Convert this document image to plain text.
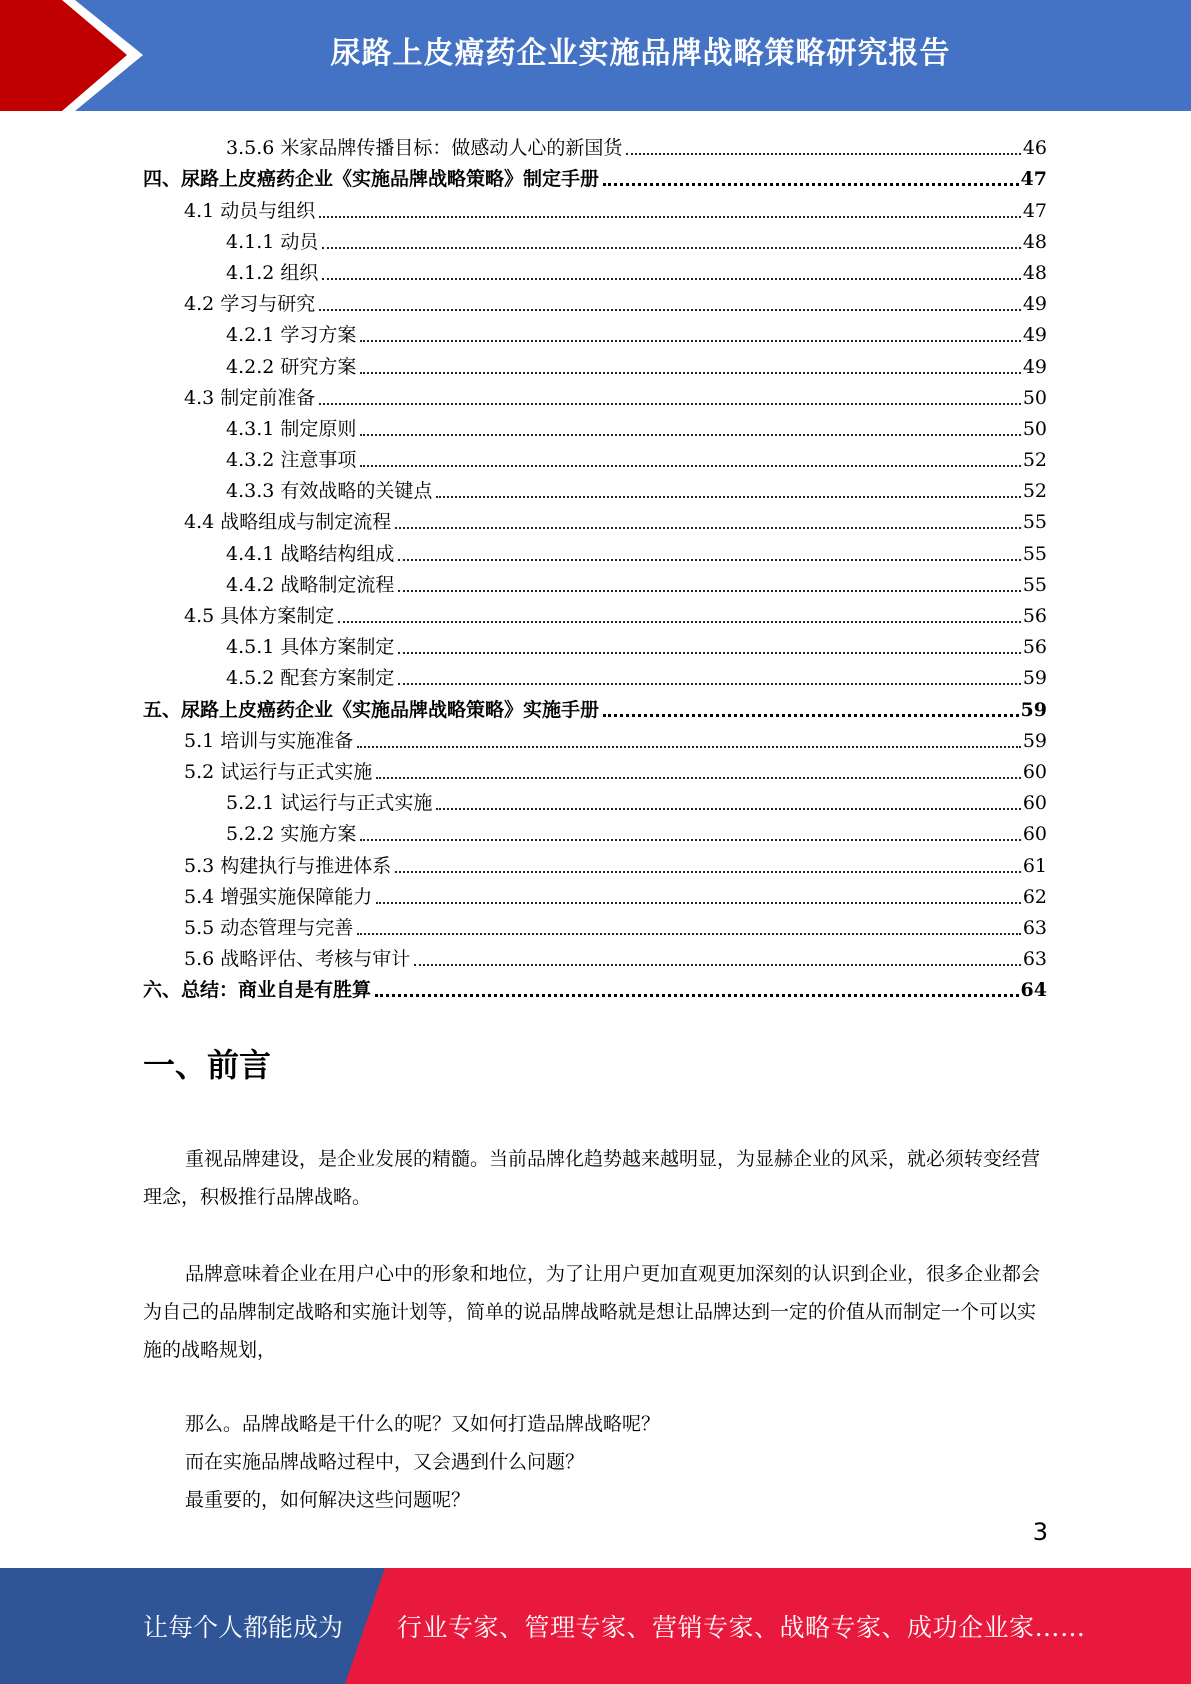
尿路上皮癌药企业实施品牌战略策略研究报告
3.5.6 米家品牌传播目标：做感动人心的新国货	46
四、尿路上皮癌药企业《实施品牌战略策略》制定手册	47
4.1 动员与组织	47
4.1.1 动员	48
4.1.2 组织	48
4.2 学习与研究	49
4.2.1 学习方案	49
4.2.2 研究方案	49
4.3 制定前准备	50
4.3.1 制定原则	50
4.3.2 注意事项	52
4.3.3 有效战略的关键点	52
4.4 战略组成与制定流程	55
4.4.1 战略结构组成	55
4.4.2 战略制定流程	55
4.5 具体方案制定	56
4.5.1 具体方案制定	56
4.5.2 配套方案制定	59
五、尿路上皮癌药企业《实施品牌战略策略》实施手册	59
5.1 培训与实施准备	59
5.2 试运行与正式实施	60
5.2.1 试运行与正式实施	60
5.2.2 实施方案	60
5.3 构建执行与推进体系	61
5.4 增强实施保障能力	62
5.5 动态管理与完善	63
5.6 战略评估、考核与审计	63
六、总结：商业自是有胜算	64
一、前言

重视品牌建设，是企业发展的精髓。当前品牌化趋势越来越明显，为显赫企业的风采，就必须转变经营理念，积极推行品牌战略。

品牌意味着企业在用户心中的形象和地位，为了让用户更加直观更加深刻的认识到企业，很多企业都会为自己的品牌制定战略和实施计划等，简单的说品牌战略就是想让品牌达到一定的价值从而制定一个可以实施的战略规划，

那么。品牌战略是干什么的呢？又如何打造品牌战略呢？

而在实施品牌战略过程中，又会遇到什么问题？

最重要的，如何解决这些问题呢？

3
让每个人都能成为 行业专家、管理专家、营销专家、战略专家、成功企业家……
